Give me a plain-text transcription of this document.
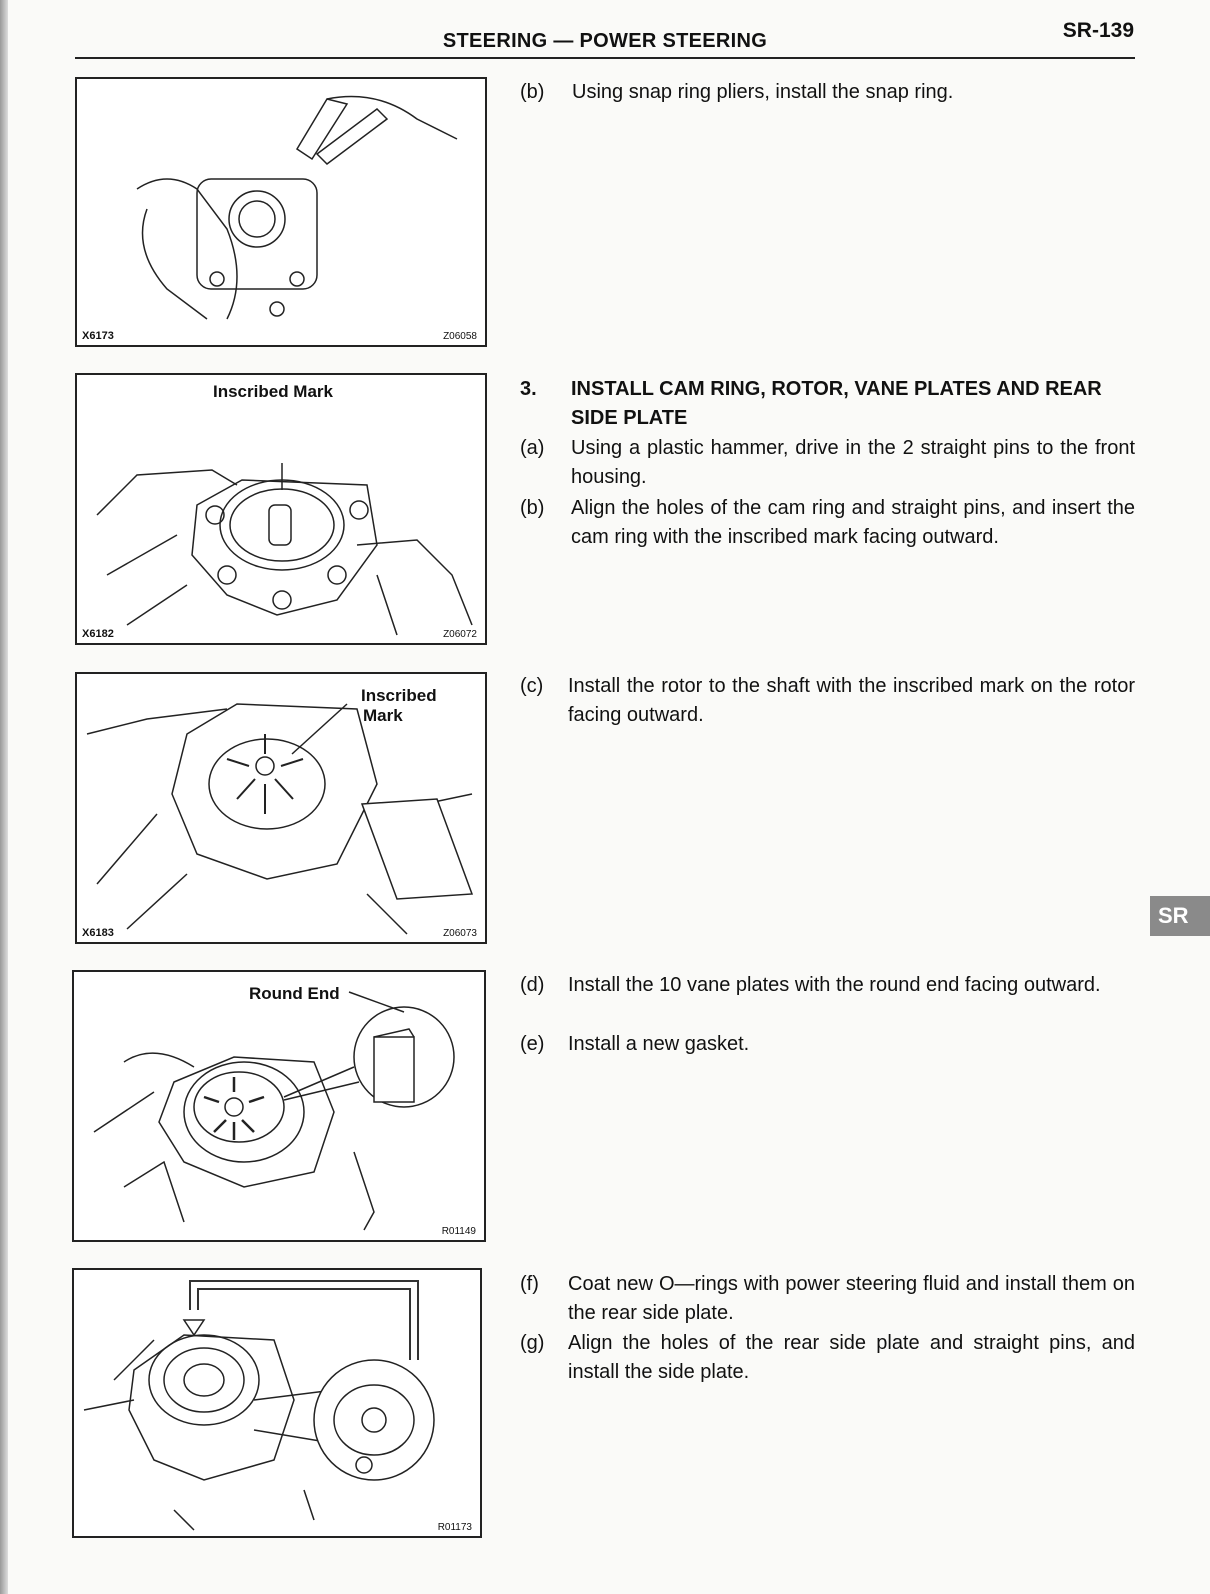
STEERING — POWER STEERING	SR-139
SR
X6173	Z06058
Inscribed Mark
X6182	Z06072
Inscribed
Mark
X6183	Z06073
Round End
R01149
R01173
(b) Using snap ring pliers, install the snap ring.
3. INSTALL CAM RING, ROTOR, VANE PLATES AND REAR SIDE PLATE
(a) Using a plastic hammer, drive in the 2 straight pins to the front housing.
(b) Align the holes of the cam ring and straight pins, and insert the cam ring with the inscribed mark facing outward.
(c) Install the rotor to the shaft with the inscribed mark on the rotor facing outward.
(d) Install the 10 vane plates with the round end facing outward.
(e) Install a new gasket.
(f) Coat new O—rings with power steering fluid and install them on the rear side plate.
(g) Align the holes of the rear side plate and straight pins, and install the side plate.
